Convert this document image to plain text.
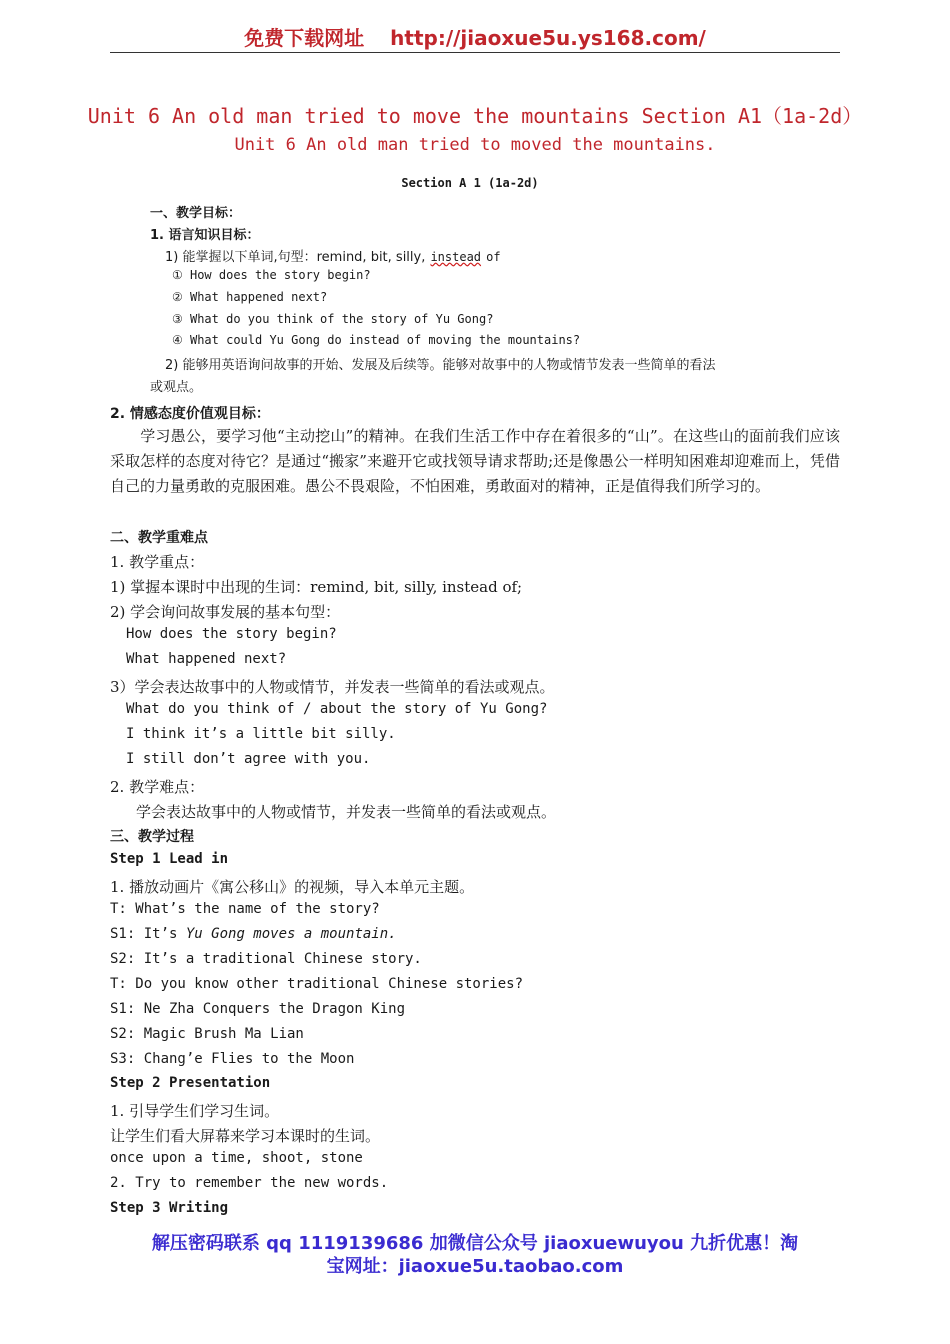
免费下载网址 http://jiaoxue5u.ys168.com/
Unit 6 An old man tried to move the mountains Section A1（1a-2d）
Unit 6 An old man tried to moved the mountains.
Section A 1 (1a-2d)
一、教学目标：
1. 语言知识目标：
1) 能掌握以下单词,句型：remind, bit, silly, instead of
① How does the story begin?
② What happened next?
③ What do you think of the story of Yu Gong?
④ What could Yu Gong do instead of moving the mountains?
2) 能够用英语询问故事的开始、发展及后续等。能够对故事中的人物或情节发表一些简单的看法
或观点。
2. 情感态度价值观目标：
学习愚公，要学习他“主动挖山”的精神。在我们生活工作中存在着很多的“山”。在这些山的面前我们应该采取怎样的态度对待它？是通过“搬家”来避开它或找领导请求帮助;还是像愚公一样明知困难却迎难而上，凭借自己的力量勇敢的克服困难。愚公不畏艰险，不怕困难，勇敢面对的精神，正是值得我们所学习的。
二、教学重难点
1. 教学重点：
1) 掌握本课时中出现的生词：remind, bit, silly, instead of;
2) 学会询问故事发展的基本句型：
How does the story begin?
What happened next?
3）学会表达故事中的人物或情节，并发表一些简单的看法或观点。
What do you think of / about the story of Yu Gong?
I think it’s a little bit silly.
I still don’t agree with you.
2. 教学难点：
学会表达故事中的人物或情节，并发表一些简单的看法或观点。
三、教学过程
Step 1 Lead in
1. 播放动画片《寓公移山》的视频，导入本单元主题。
T: What’s the name of the story?
S1: It’s Yu Gong moves a mountain.
S2: It’s a traditional Chinese story.
T: Do you know other traditional Chinese stories?
S1: Ne Zha Conquers the Dragon King
S2: Magic Brush Ma Lian
S3: Chang’e Flies to the Moon
Step 2 Presentation
1. 引导学生们学习生词。
让学生们看大屏幕来学习本课时的生词。
once upon a time, shoot, stone
2. Try to remember the new words.
Step 3 Writing
解压密码联系 qq 1119139686 加微信公众号 jiaoxuewuyou 九折优惠！淘
宝网址：jiaoxue5u.taobao.com
